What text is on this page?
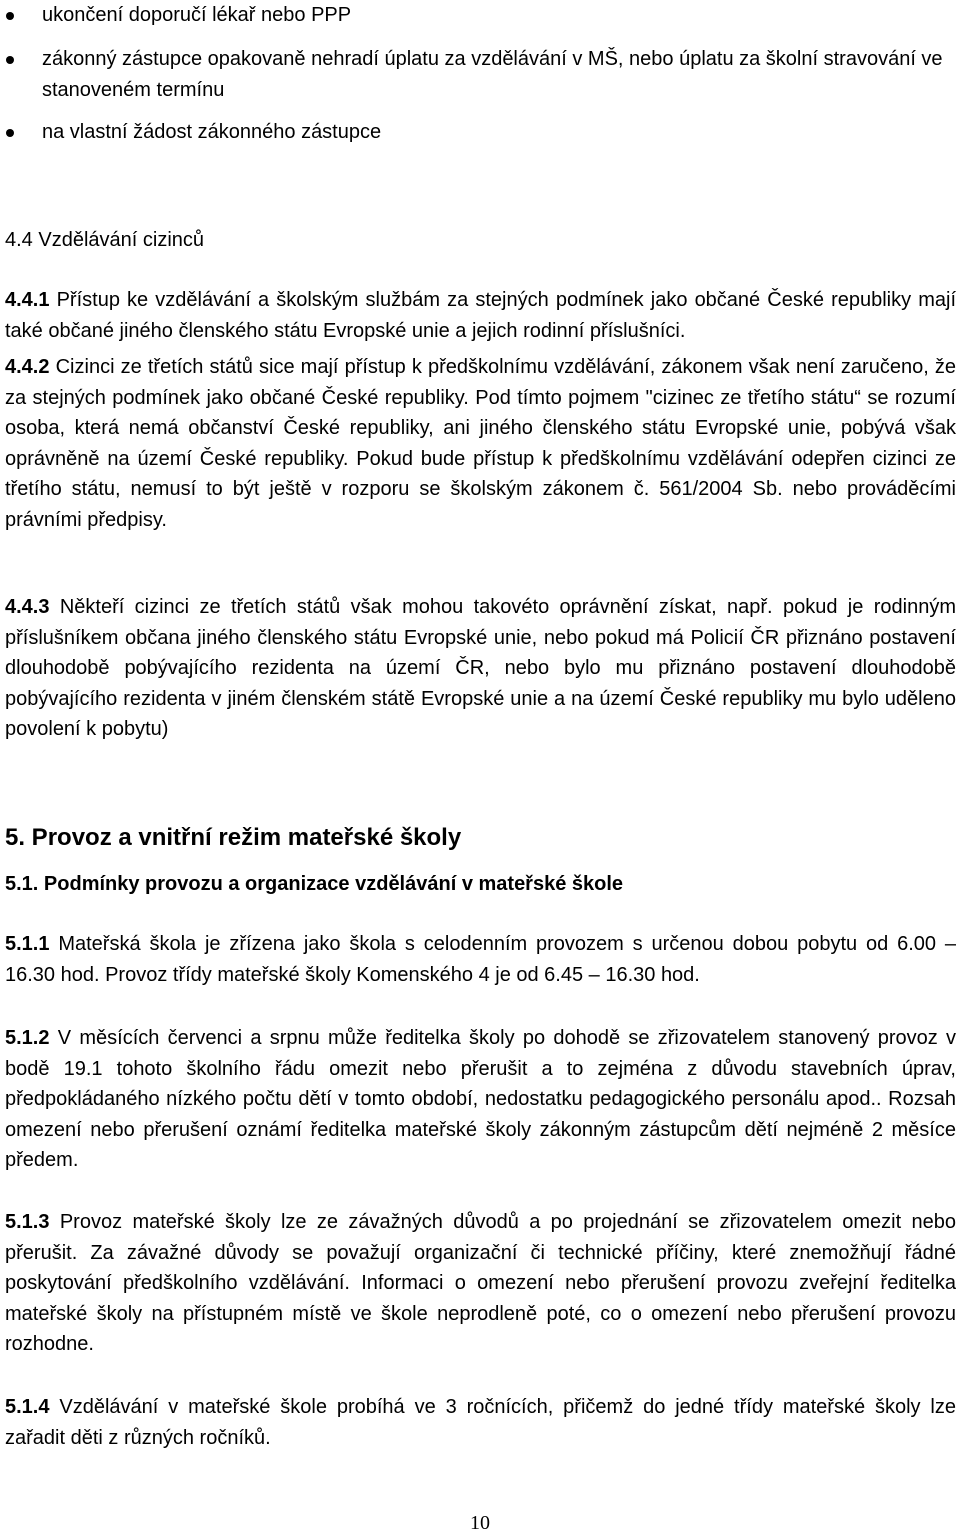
ukončení doporučí lékař nebo PPP
zákonný zástupce opakovaně nehradí úplatu za vzdělávání v MŠ, nebo úplatu za školní stravování ve stanoveném termínu
na vlastní žádost zákonného zástupce
4.4 Vzdělávání cizinců
4.4.1 Přístup ke vzdělávání a školským službám za stejných podmínek jako občané České republiky mají také občané jiného členského státu Evropské unie a jejich rodinní příslušníci.
4.4.2 Cizinci ze třetích států sice mají přístup k předškolnímu vzdělávání, zákonem však není zaručeno, že za stejných podmínek jako občané České republiky. Pod tímto pojmem "cizinec ze třetího státu“ se rozumí osoba, která nemá občanství České republiky, ani jiného členského státu Evropské unie, pobývá však oprávněně na území České republiky. Pokud bude přístup k předškolnímu vzdělávání odepřen cizinci ze třetího státu, nemusí to být ještě v rozporu se školským zákonem č. 561/2004 Sb. nebo prováděcími právními předpisy.
4.4.3 Někteří cizinci ze třetích států však mohou takovéto oprávnění získat, např. pokud je rodinným příslušníkem občana jiného členského státu Evropské unie, nebo pokud má Policií ČR přiznáno postavení dlouhodobě pobývajícího rezidenta na území ČR, nebo bylo mu přiznáno postavení dlouhodobě pobývajícího rezidenta v jiném členském státě Evropské unie a na území České republiky mu bylo uděleno povolení k pobytu)
5. Provoz a vnitřní režim mateřské školy
5.1. Podmínky provozu a organizace vzdělávání v mateřské škole
5.1.1 Mateřská škola je zřízena jako škola s celodenním provozem s určenou dobou pobytu od 6.00 – 16.30 hod. Provoz třídy mateřské školy Komenského 4 je od 6.45 – 16.30 hod.
5.1.2 V měsících červenci a srpnu může ředitelka školy po dohodě se zřizovatelem stanovený provoz v bodě 19.1 tohoto školního řádu omezit nebo přerušit a to zejména z důvodu stavebních úprav, předpokládaného nízkého počtu dětí v tomto období, nedostatku pedagogického personálu apod.. Rozsah omezení nebo přerušení oznámí ředitelka mateřské školy zákonným zástupcům dětí nejméně 2 měsíce předem.
5.1.3 Provoz mateřské školy lze ze závažných důvodů a po projednání se zřizovatelem omezit nebo přerušit. Za závažné důvody se považují organizační či technické příčiny, které znemožňují řádné poskytování předškolního vzdělávání. Informaci o omezení nebo přerušení provozu zveřejní ředitelka mateřské školy na přístupném místě ve škole neprodleně poté, co o omezení nebo přerušení provozu rozhodne.
5.1.4 Vzdělávání v mateřské škole probíhá ve 3 ročnících, přičemž do jedné třídy mateřské školy lze zařadit děti z různých ročníků.
10
